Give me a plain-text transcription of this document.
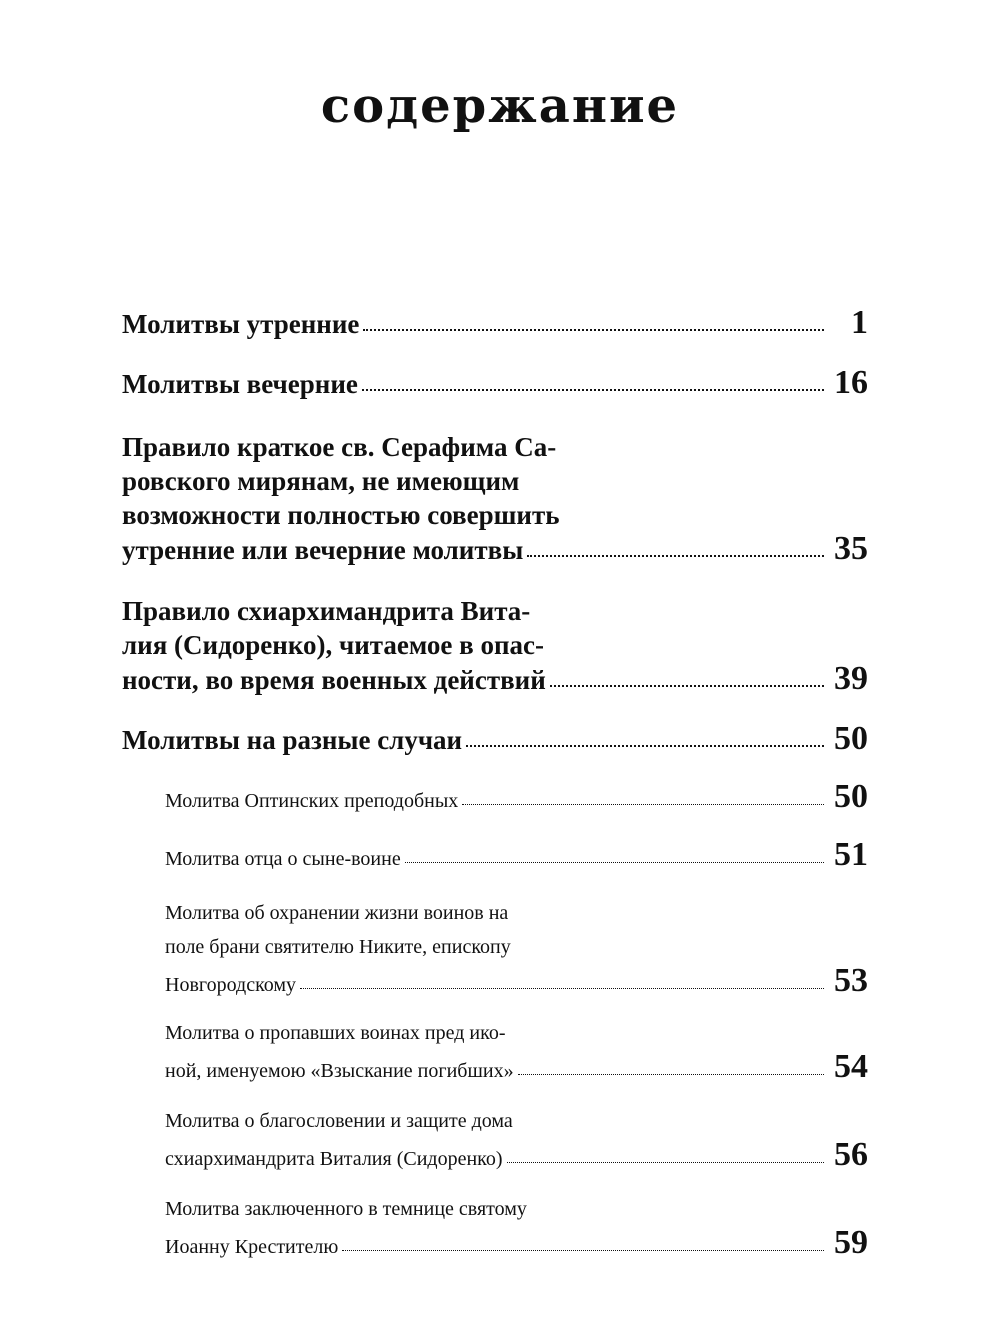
содержание
Молитвы утренние	1
Молитвы вечерние	16
Правило краткое св. Серафима Са-
ровского мирянам, не имеющим
возможности полностью совершить
утренние или вечерние молитвы	35
Правило схиархимандрита Вита-
лия (Сидоренко), читаемое в опас-
ности, во время военных действий	39
Молитвы на разные случаи	50
Молитва Оптинских преподобных	50
Молитва отца о сыне-воине	51
Молитва об охранении жизни воинов на
поле брани святителю Никите, епископу
Новгородскому	53
Молитва о пропавших воинах пред ико-
ной, именуемою «Взыскание погибших»	54
Молитва о благословении и защите дома
схиархимандрита Виталия (Сидоренко)	56
Молитва заключенного в темнице святому
Иоанну Крестителю	59
